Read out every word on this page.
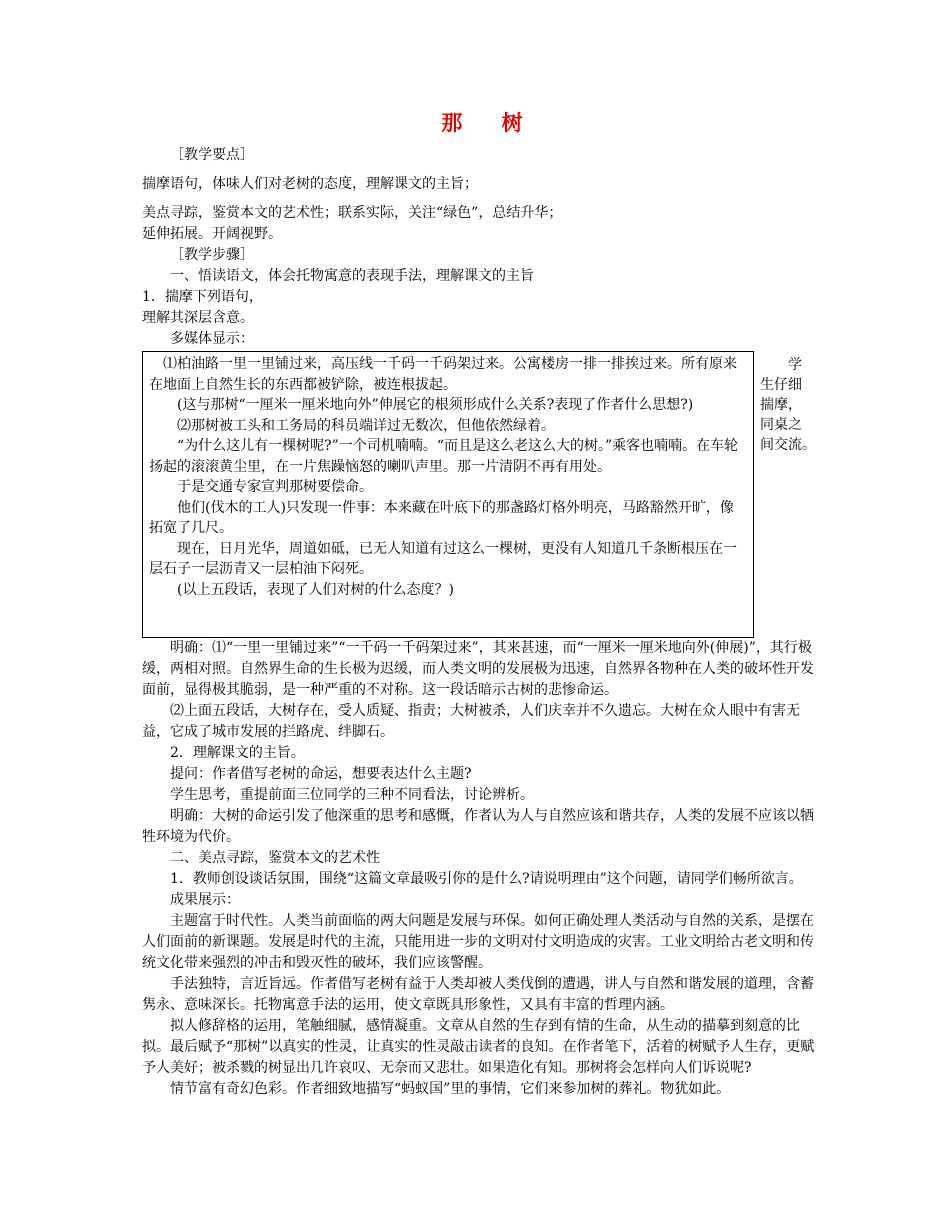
那 树

［教学要点］

揣摩语句，体味人们对老树的态度，理解课文的主旨；

美点寻踪，鉴赏本文的艺术性；联系实际，关注“绿色”，总结升华；

延伸拓展。开阔视野。

［教学步骤］

一、悟读语文，体会托物寓意的表现手法，理解课文的主旨

1．揣摩下列语句，

理解其深层含意。

多媒体显示：

⑴柏油路一里一里铺过来，高压线一千码一千码架过来。公寓楼房一排一排挨过来。所有原来在地面上自然生长的东西都被铲除，被连根拔起。

(这与那树“一厘米一厘米地向外”伸展它的根须形成什么关系?表现了作者什么思想?)

⑵那树被工头和工务局的科员端详过无数次，但他依然绿着。

“为什么这儿有一棵树呢?”一个司机喃喃。“而且是这么老这么大的树。”乘客也喃喃。在车轮扬起的滚滚黄尘里，在一片焦躁恼怒的喇叭声里。那一片清阴不再有用处。

于是交通专家宣判那树要偿命。

他们(伐木的工人)只发现一件事：本来藏在叶底下的那盏路灯格外明亮，马路豁然开旷，像拓宽了几尺。

现在，日月光华，周道如砥，已无人知道有过这么一棵树，更没有人知道几千条断根压在一层石子一层沥青又一层柏油下闷死。

(以上五段话，表现了人们对树的什么态度？)

学
生仔细
揣摩，
同桌之
间交流。

明确：⑴“一里一里铺过来”“一千码一千码架过来”，其来甚速，而“一厘米一厘米地向外(伸展)”，其行极缓，两相对照。自然界生命的生长极为迟缓，而人类文明的发展极为迅速，自然界各物种在人类的破坏性开发面前，显得极其脆弱，是一种严重的不对称。这一段话暗示古树的悲惨命运。

⑵上面五段话，大树存在，受人质疑、指责；大树被杀，人们庆幸并不久遗忘。大树在众人眼中有害无益，它成了城市发展的拦路虎、绊脚石。

2．理解课文的主旨。

提问：作者借写老树的命运，想要表达什么主题?

学生思考，重提前面三位同学的三种不同看法，讨论辨析。

明确：大树的命运引发了他深重的思考和感慨，作者认为人与自然应该和谐共存，人类的发展不应该以牺牲环境为代价。

二、美点寻踪，鉴赏本文的艺术性

1．教师创设谈话氛围，围绕“这篇文章最吸引你的是什么?请说明理由”这个问题，请同学们畅所欲言。

成果展示：

主题富于时代性。人类当前面临的两大问题是发展与环保。如何正确处理人类活动与自然的关系，是摆在人们面前的新课题。发展是时代的主流，只能用进一步的文明对付文明造成的灾害。工业文明给古老文明和传统文化带来强烈的冲击和毁灭性的破坏，我们应该警醒。

手法独特，言近旨远。作者借写老树有益于人类却被人类伐倒的遭遇，讲人与自然和谐发展的道理，含蓄隽永、意味深长。托物寓意手法的运用，使文章既具形象性，又具有丰富的哲理内涵。

拟人修辞格的运用，笔触细腻，感情凝重。文章从自然的生存到有情的生命，从生动的描摹到刻意的比拟。最后赋予“那树”以真实的性灵，让真实的性灵敲击读者的良知。在作者笔下，活着的树赋予人生存，更赋予人美好；被杀戮的树显出几许哀叹、无奈而又悲壮。如果造化有知。那树将会怎样向人们诉说呢?

情节富有奇幻色彩。作者细致地描写“蚂蚁国”里的事情，它们来参加树的葬礼。物犹如此。
